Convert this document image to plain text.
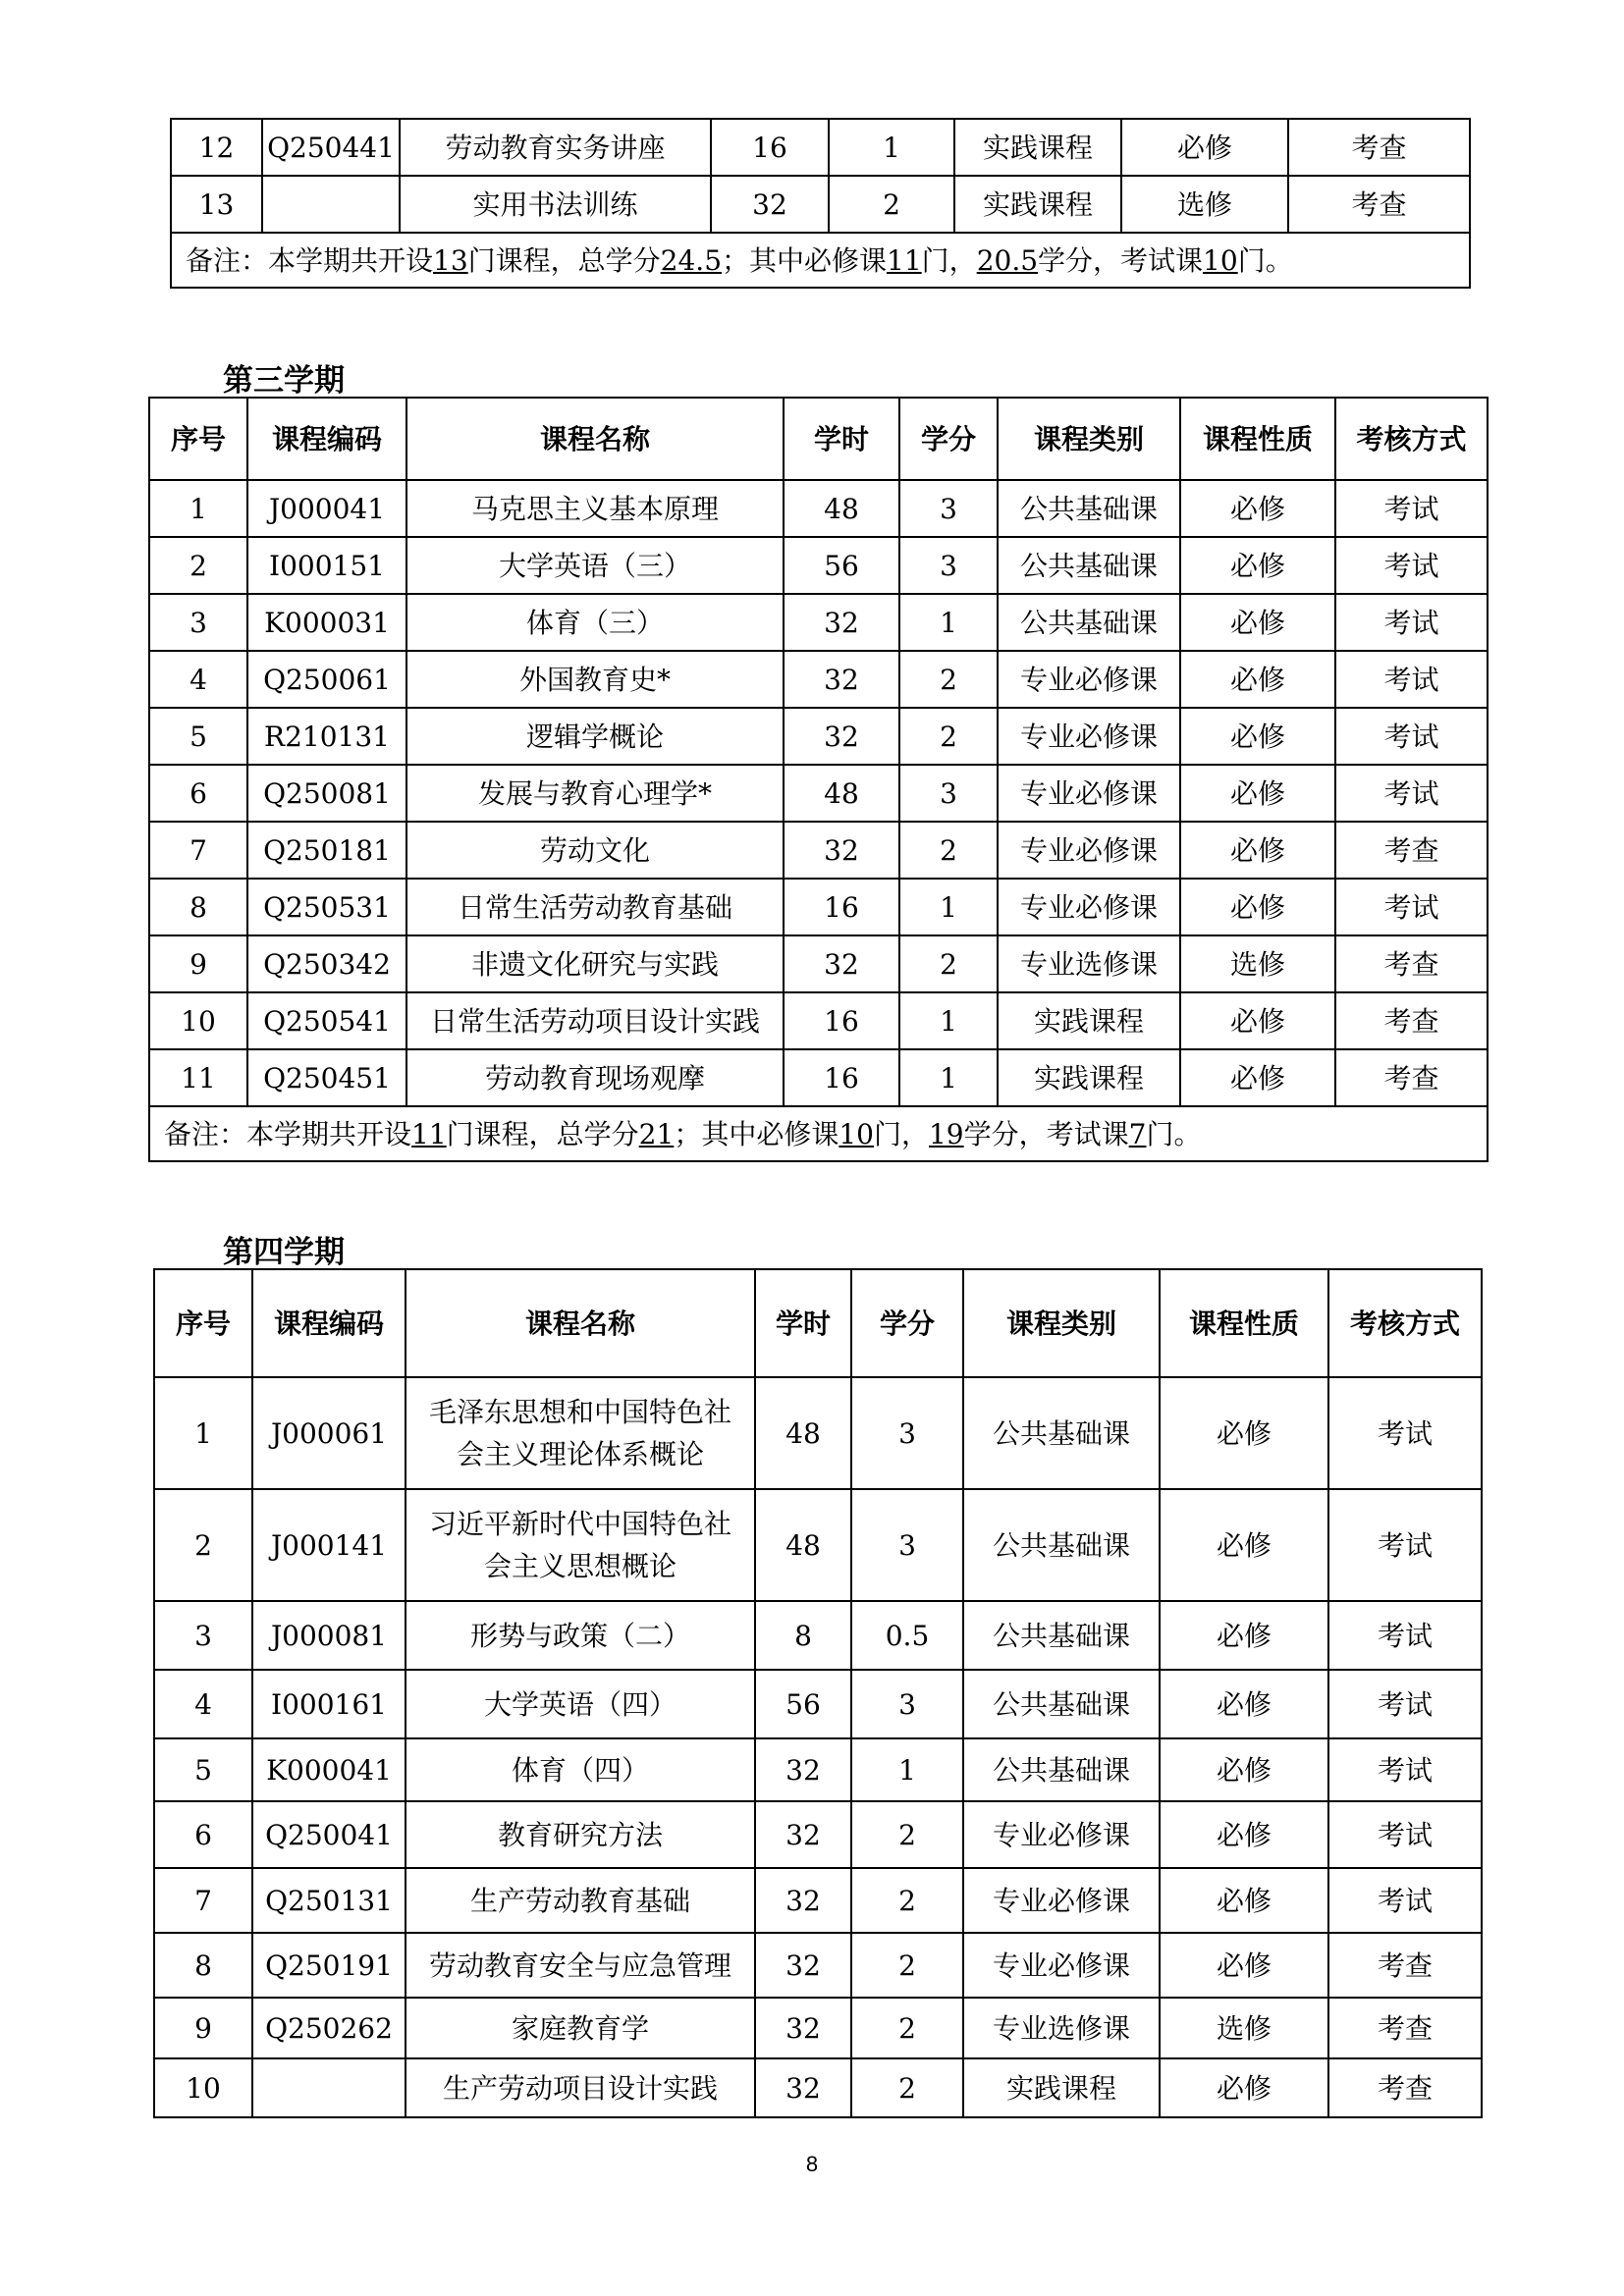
12	Q250441	劳动教育实务讲座	16	1	实践课程	必修	考查
13		实用书法训练	32	2	实践课程	选修	考查
备注：本学期共开设13门课程，总学分24.5；其中必修课11门，20.5学分，考试课10门。							
第三学期
序号	课程编码	课程名称	学时	学分	课程类别	课程性质	考核方式
1	J000041	马克思主义基本原理	48	3	公共基础课	必修	考试
2	I000151	大学英语（三）	56	3	公共基础课	必修	考试
3	K000031	体育（三）	32	1	公共基础课	必修	考试
4	Q250061	外国教育史*	32	2	专业必修课	必修	考试
5	R210131	逻辑学概论	32	2	专业必修课	必修	考试
6	Q250081	发展与教育心理学*	48	3	专业必修课	必修	考试
7	Q250181	劳动文化	32	2	专业必修课	必修	考查
8	Q250531	日常生活劳动教育基础	16	1	专业必修课	必修	考试
9	Q250342	非遗文化研究与实践	32	2	专业选修课	选修	考查
10	Q250541	日常生活劳动项目设计实践	16	1	实践课程	必修	考查
11	Q250451	劳动教育现场观摩	16	1	实践课程	必修	考查
备注：本学期共开设11门课程，总学分21；其中必修课10门，19学分，考试课7门。							
第四学期
序号	课程编码	课程名称	学时	学分	课程类别	课程性质	考核方式
1	J000061	毛泽东思想和中国特色社会主义理论体系概论	48	3	公共基础课	必修	考试
2	J000141	习近平新时代中国特色社会主义思想概论	48	3	公共基础课	必修	考试
3	J000081	形势与政策（二）	8	0.5	公共基础课	必修	考试
4	I000161	大学英语（四）	56	3	公共基础课	必修	考试
5	K000041	体育（四）	32	1	公共基础课	必修	考试
6	Q250041	教育研究方法	32	2	专业必修课	必修	考试
7	Q250131	生产劳动教育基础	32	2	专业必修课	必修	考试
8	Q250191	劳动教育安全与应急管理	32	2	专业必修课	必修	考查
9	Q250262	家庭教育学	32	2	专业选修课	选修	考查
10		生产劳动项目设计实践	32	2	实践课程	必修	考查
8
